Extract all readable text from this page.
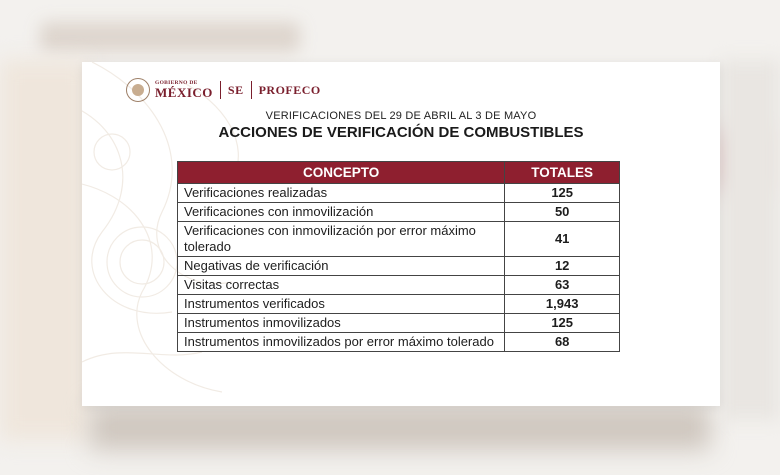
GOBIERNO DE
MÉXICO SE PROFECO
VERIFICACIONES DEL 29 DE ABRIL AL 3 DE MAYO
ACCIONES DE VERIFICACIÓN DE COMBUSTIBLES
CONCEPTO	TOTALES
Verificaciones realizadas	125
Verificaciones con inmovilización	50
Verificaciones con inmovilización por error máximo tolerado	41
Negativas de verificación	12
Visitas correctas	63
Instrumentos verificados	1,943
Instrumentos inmovilizados	125
Instrumentos inmovilizados por error máximo tolerado	68
